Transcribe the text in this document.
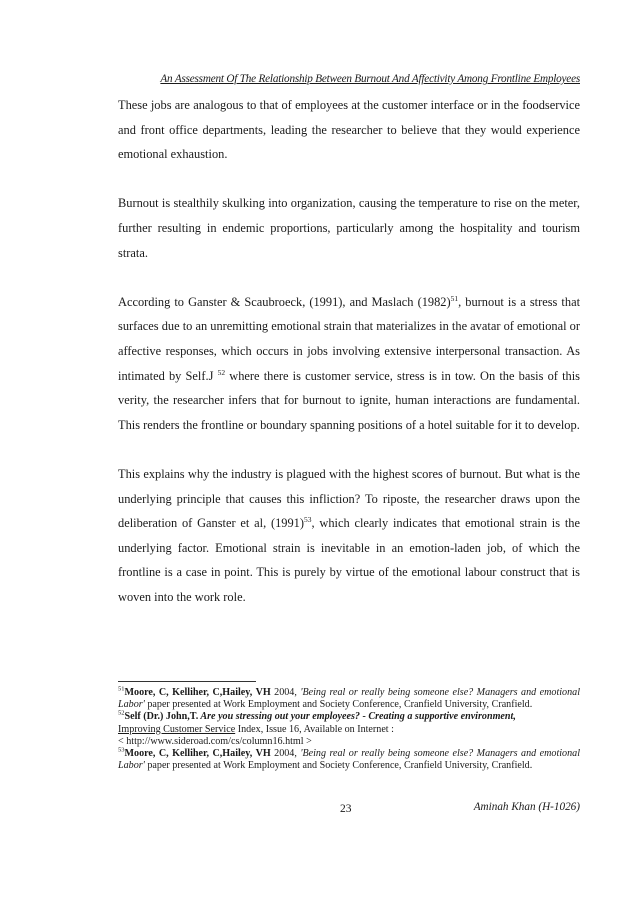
An Assessment Of The Relationship Between Burnout And Affectivity Among Frontline Employees

These jobs are analogous to that of employees at the customer interface or in the foodservice and front office departments, leading the researcher to believe that they would experience emotional exhaustion.

Burnout is stealthily skulking into organization, causing the temperature to rise on the meter, further resulting in endemic proportions, particularly among the hospitality and tourism strata.

According to Ganster & Scaubroeck, (1991), and Maslach $(1982)^{51}$, burnout is a stress that surfaces due to an unremitting emotional strain that materializes in the avatar of emotional or affective responses, which occurs in jobs involving extensive interpersonal transaction. As intimated by Self.J $^{52}$ where there is customer service, stress is in tow. On the basis of this verity, the researcher infers that for burnout to ignite, human interactions are fundamental. This renders the frontline or boundary spanning positions of a hotel suitable for it to develop.

This explains why the industry is plagued with the highest scores of burnout. But what is the underlying principle that causes this infliction? To riposte, the researcher draws upon the deliberation of Ganster et al, $(1991)^{53}$, which clearly indicates that emotional strain is the underlying factor. Emotional strain is inevitable in an emotion-laden job, of which the frontline is a case in point. This is purely by virtue of the emotional labour construct that is woven into the work role.

$^{51}$Moore, C, Kelliher, C,Hailey, VH 2004, 'Being real or really being someone else? Managers and emotional Labor' paper presented at Work Employment and Society Conference, Cranfield University, Cranfield.

$^{52}$Self (Dr.) John,T. Are you stressing out your employees? - Creating a supportive environment,
Improving Customer Service Index, Issue 16, Available on Internet :
< http://www.sideroad.com/cs/column16.html >

$^{53}$Moore, C, Kelliher, C,Hailey, VH 2004, 'Being real or really being someone else? Managers and emotional Labor' paper presented at Work Employment and Society Conference, Cranfield University, Cranfield.

23	Aminah Khan (H-1026)
